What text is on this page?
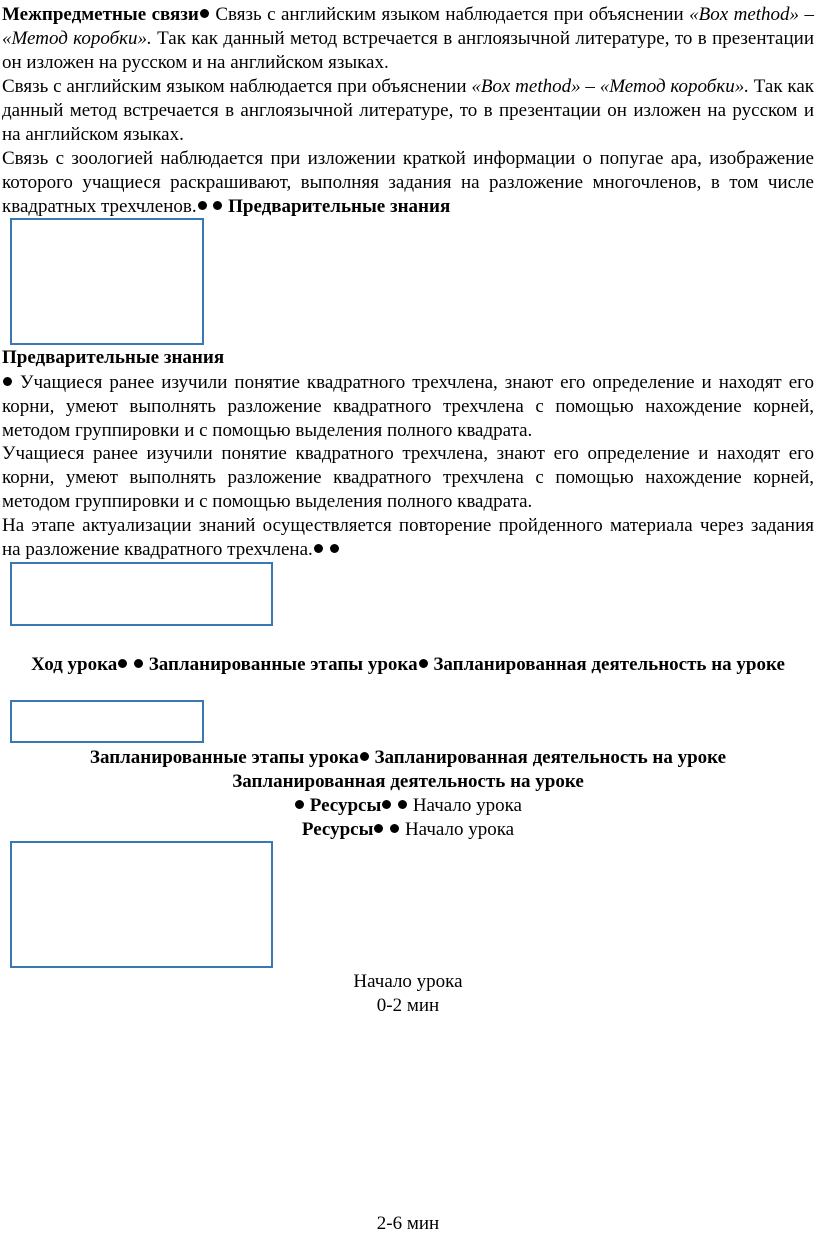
Межпредметные связи Связь с английским языком наблюдается при объяснении «Box method» – «Метод коробки». Так как данный метод встречается в англоязычной литературе, то в презентации он изложен на русском и на английском языках.

Связь с английским языком наблюдается при объяснении «Box method» – «Метод коробки». Так как данный метод встречается в англоязычной литературе, то в презентации он изложен на русском и на английском языках.

Связь с зоологией наблюдается при изложении краткой информации о попугае ара, изображение которого учащиеся раскрашивают, выполняя задания на разложение многочленов, в том числе квадратных трехчленов. Предварительные знания

Предварительные знания

Учащиеся ранее изучили понятие квадратного трехчлена, знают его определение и находят его корни, умеют выполнять разложение квадратного трехчлена с помощью нахождение корней, методом группировки и с помощью выделения полного квадрата.

Учащиеся ранее изучили понятие квадратного трехчлена, знают его определение и находят его корни, умеют выполнять разложение квадратного трехчлена с помощью нахождение корней, методом группировки и с помощью выделения полного квадрата.

На этапе актуализации знаний осуществляется повторение пройденного материала через задания на разложение квадратного трехчлена.

Ход урока Запланированные этапы урока Запланированная деятельность на уроке

Запланированные этапы урока Запланированная деятельность на уроке

Запланированная деятельность на уроке

Ресурсы Начало урока

Ресурсы Начало урока

Начало урока

0-2 мин

2-6 мин
